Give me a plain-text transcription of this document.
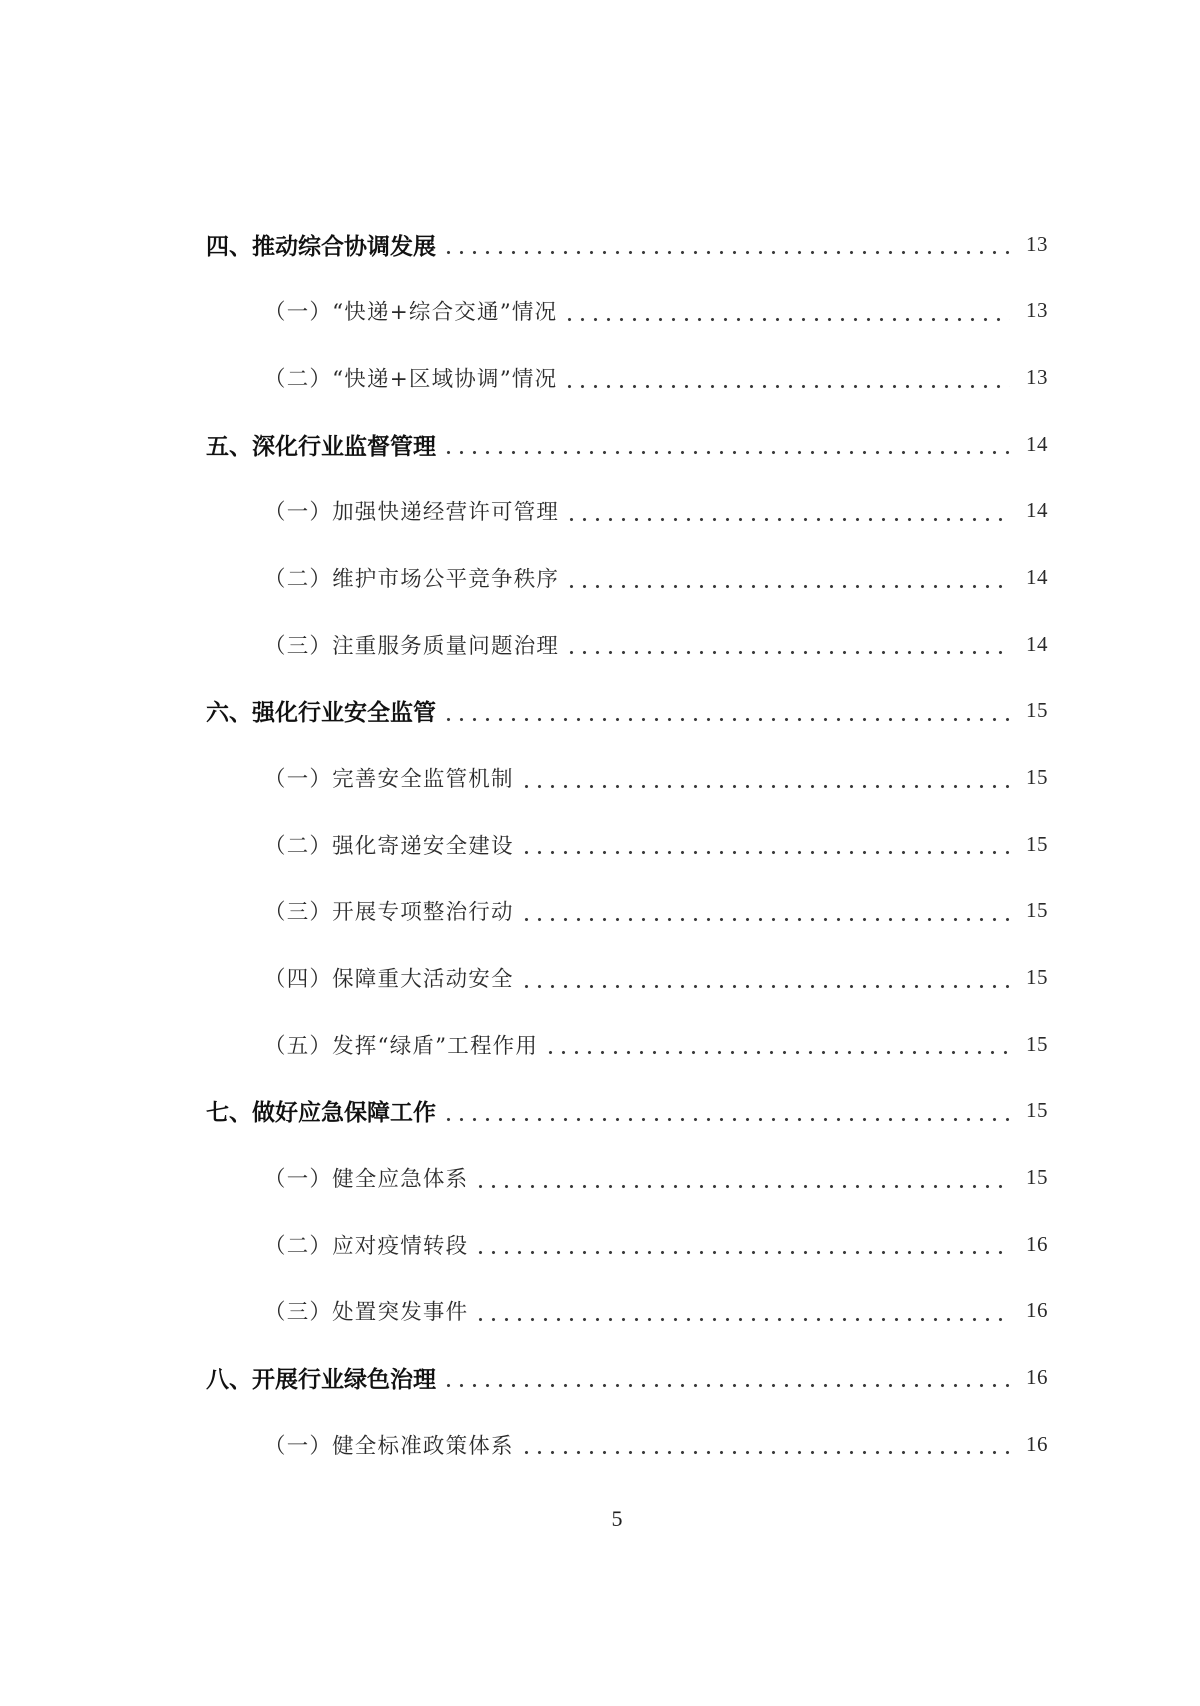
四、推动综合协调发展	13
（一）“快递+综合交通”情况	13
（二）“快递+区域协调”情况	13
五、深化行业监督管理	14
（一）加强快递经营许可管理	14
（二）维护市场公平竞争秩序	14
（三）注重服务质量问题治理	14
六、强化行业安全监管	15
（一）完善安全监管机制	15
（二）强化寄递安全建设	15
（三）开展专项整治行动	15
（四）保障重大活动安全	15
（五）发挥“绿盾”工程作用	15
七、做好应急保障工作	15
（一）健全应急体系	15
（二）应对疫情转段	16
（三）处置突发事件	16
八、开展行业绿色治理	16
（一）健全标准政策体系	16
5
